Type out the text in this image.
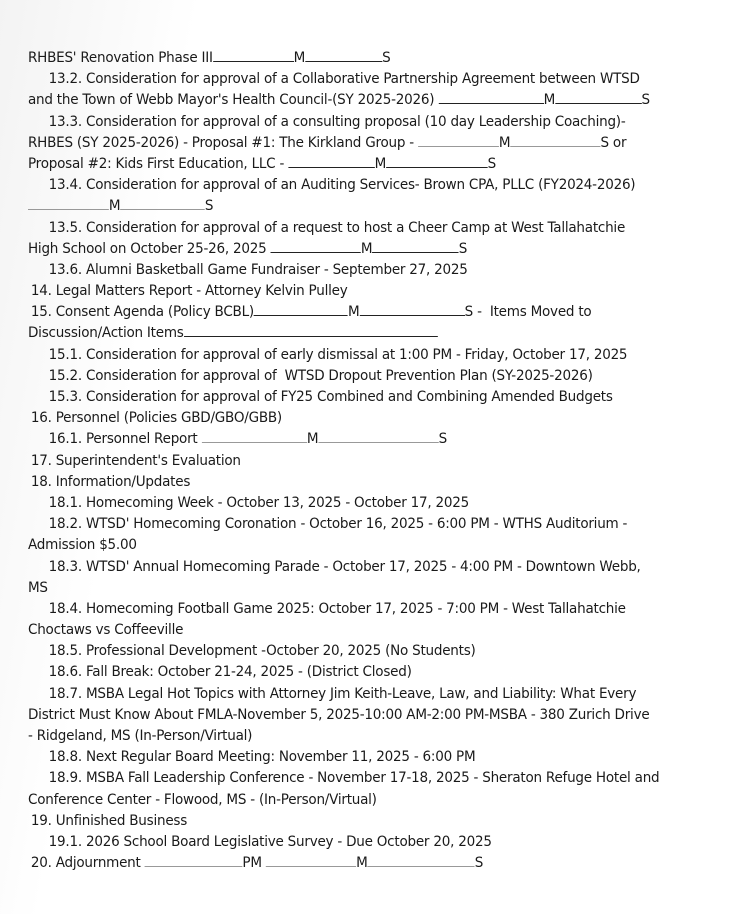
RHBES' Renovation Phase III	M	S
13.2. Consideration for approval of a Collaborative Partnership Agreement between WTSD
and the Town of Webb Mayor's Health Council-(SY 2025-2026)	M	S
13.3. Consideration for approval of a consulting proposal (10 day Leadership Coaching)-
RHBES (SY 2025-2026) - Proposal #1: The Kirkland Group -	M	S or
Proposal #2: Kids First Education, LLC -	M	S
13.4. Consideration for approval of an Auditing Services- Brown CPA, PLLC (FY2024-2026)
M	S
13.5. Consideration for approval of a request to host a Cheer Camp at West Tallahatchie
High School on October 25-26, 2025	M	S
13.6. Alumni Basketball Game Fundraiser - September 27, 2025
14. Legal Matters Report - Attorney Kelvin Pulley
15. Consent Agenda (Policy BCBL)	M	S -  Items Moved to
Discussion/Action Items
15.1. Consideration for approval of early dismissal at 1:00 PM - Friday, October 17, 2025
15.2. Consideration for approval of  WTSD Dropout Prevention Plan (SY-2025-2026)
15.3. Consideration for approval of FY25 Combined and Combining Amended Budgets
16. Personnel (Policies GBD/GBO/GBB)
16.1. Personnel Report	M	S
17. Superintendent's Evaluation
18. Information/Updates
18.1. Homecoming Week - October 13, 2025 - October 17, 2025
18.2. WTSD' Homecoming Coronation - October 16, 2025 - 6:00 PM - WTHS Auditorium -
Admission $5.00
18.3. WTSD' Annual Homecoming Parade - October 17, 2025 - 4:00 PM - Downtown Webb,
MS
18.4. Homecoming Football Game 2025: October 17, 2025 - 7:00 PM - West Tallahatchie
Choctaws vs Coffeeville
18.5. Professional Development -October 20, 2025 (No Students)
18.6. Fall Break: October 21-24, 2025 - (District Closed)
18.7. MSBA Legal Hot Topics with Attorney Jim Keith-Leave, Law, and Liability: What Every
District Must Know About FMLA-November 5, 2025-10:00 AM-2:00 PM-MSBA - 380 Zurich Drive
- Ridgeland, MS (In-Person/Virtual)
18.8. Next Regular Board Meeting: November 11, 2025 - 6:00 PM
18.9. MSBA Fall Leadership Conference - November 17-18, 2025 - Sheraton Refuge Hotel and
Conference Center - Flowood, MS - (In-Person/Virtual)
19. Unfinished Business
19.1. 2026 School Board Legislative Survey - Due October 20, 2025
20. Adjournment	PM	M	S
